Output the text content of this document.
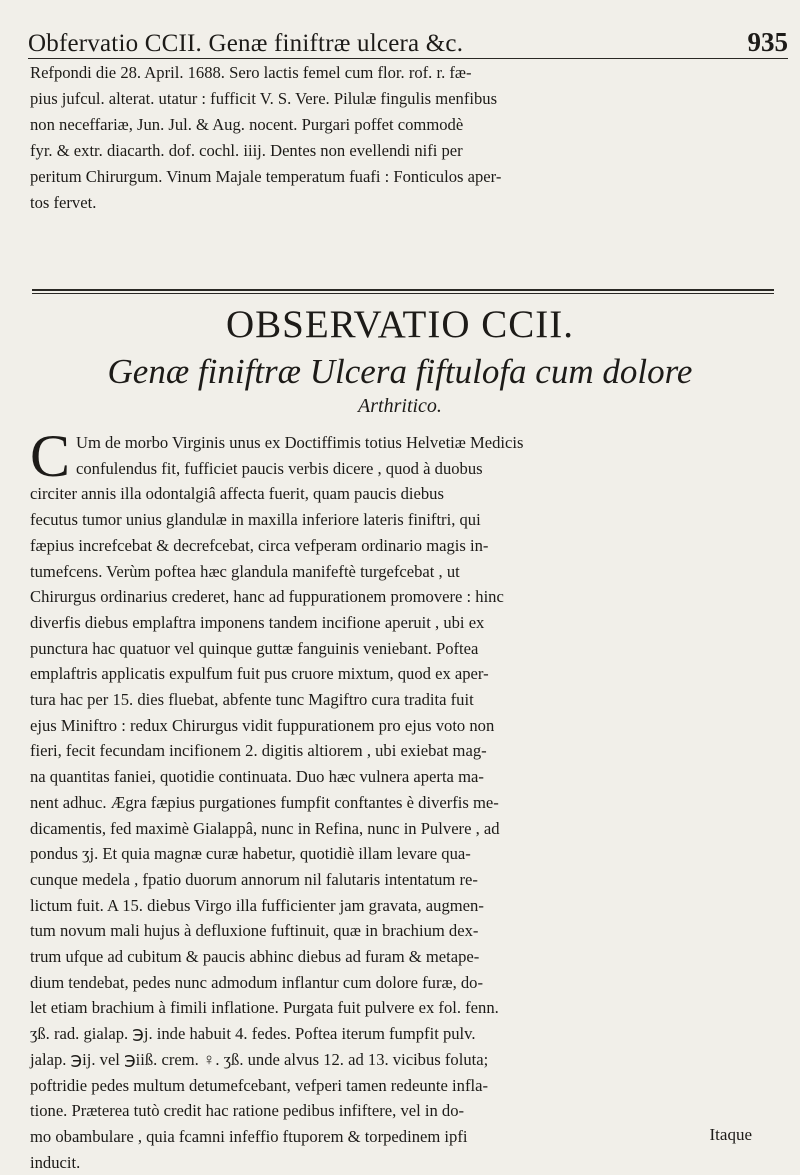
Obfervatio CCII. Genæ finiftræ ulcera &c.	935
Refpondi die 28. April. 1688. Sero lactis femel cum flor. rof. r. fæ-
pius jufcul. alterat. utatur : fufficit V. S. Vere. Pilulæ fingulis menfibus
non neceffariæ, Jun. Jul. & Aug. nocent. Purgari poffet commodè
fyr. & extr. diacarth. dof. cochl. iiij. Dentes non evellendi nifi per
peritum Chirurgum. Vinum Majale temperatum fuafi : Fonticulos aper-
tos fervet.
OBSERVATIO CCII.
Genæ finiftræ Ulcera fiftulofa cum dolore
Arthritico.
C Um de morbo Virginis unus ex Doctiffimis totius Helvetiæ Medicis
confulendus fit, fufficiet paucis verbis dicere , quod à duobus
circiter annis illa odontalgiâ affecta fuerit, quam paucis diebus
fecutus tumor unius glandulæ in maxilla inferiore lateris finiftri, qui
fæpius increfcebat & decrefcebat, circa vefperam ordinario magis in-
tumefcens. Verùm poftea hæc glandula manifeftè turgefcebat , ut
Chirurgus ordinarius crederet, hanc ad fuppurationem promovere : hinc
diverfis diebus emplaftra imponens tandem incifione aperuit , ubi ex
punctura hac quatuor vel quinque guttæ fanguinis veniebant. Poftea
emplaftris applicatis expulfum fuit pus cruore mixtum, quod ex aper-
tura hac per 15. dies fluebat, abfente tunc Magiftro cura tradita fuit
ejus Miniftro : redux Chirurgus vidit fuppurationem pro ejus voto non
fieri, fecit fecundam incifionem 2. digitis altiorem , ubi exiebat mag-
na quantitas faniei, quotidie continuata. Duo hæc vulnera aperta ma-
nent adhuc. Ægra fæpius purgationes fumpfit conftantes è diverfis me-
dicamentis, fed maximè Gialappâ, nunc in Refina, nunc in Pulvere , ad
pondus ʒj. Et quia magnæ curæ habetur, quotidiè illam levare qua-
cunque medela , fpatio duorum annorum nil falutaris intentatum re-
lictum fuit. A 15. diebus Virgo illa fufficienter jam gravata, augmen-
tum novum mali hujus à defluxione fuftinuit, quæ in brachium dex-
trum ufque ad cubitum & paucis abhinc diebus ad furam & metape-
dium tendebat, pedes nunc admodum inflantur cum dolore furæ, do-
let etiam brachium à fimili inflatione. Purgata fuit pulvere ex fol. fenn.
ʒß. rad. gialap. ℈j. inde habuit 4. fedes. Poftea iterum fumpfit pulv.
jalap. ℈ij. vel ℈iiß. crem. ♀. ʒß. unde alvus 12. ad 13. vicibus foluta;
poftridie pedes multum detumefcebant, vefperi tamen redeunte infla-
tione. Præterea tutò credit hac ratione pedibus infiftere, vel in do-
mo obambulare , quia fcamni infeffio ftuporem & torpedinem ipfi
inducit.
Itaque
